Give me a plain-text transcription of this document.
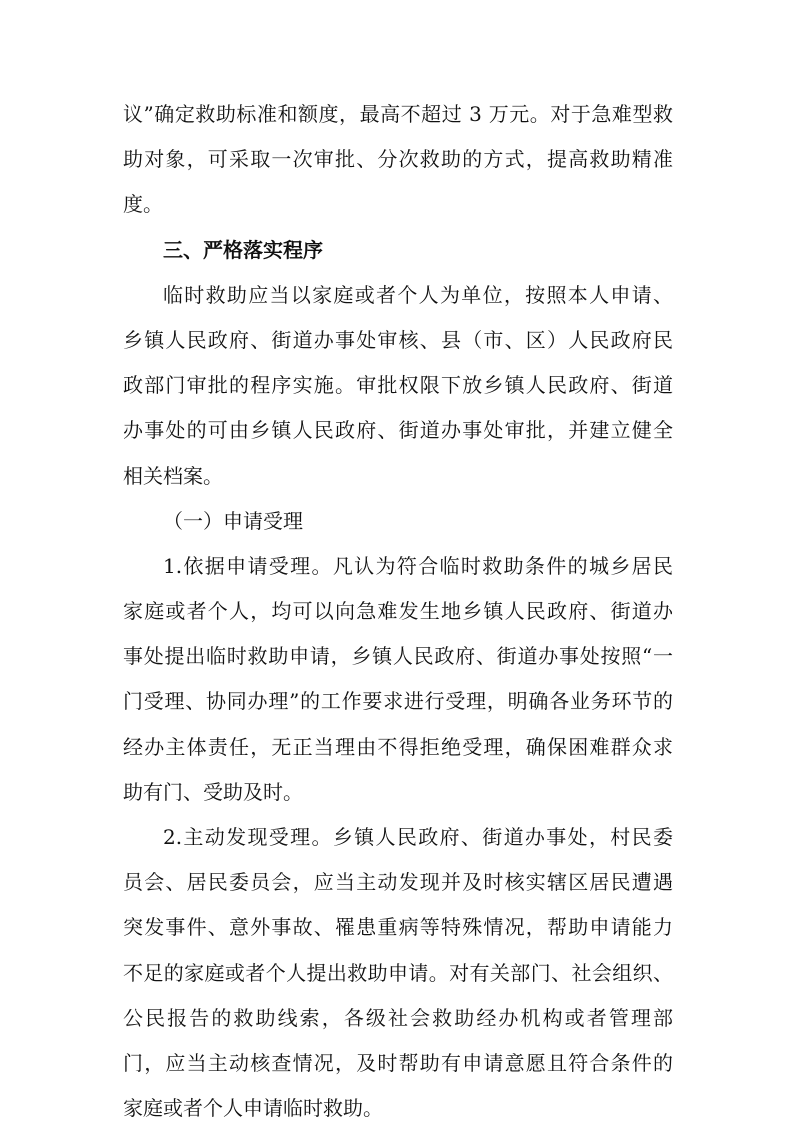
议”确定救助标准和额度，最高不超过 3 万元。对于急难型救
助对象，可采取一次审批、分次救助的方式，提高救助精准
度。
三、严格落实程序
临时救助应当以家庭或者个人为单位，按照本人申请、
乡镇人民政府、街道办事处审核、县（市、区）人民政府民
政部门审批的程序实施。审批权限下放乡镇人民政府、街道
办事处的可由乡镇人民政府、街道办事处审批，并建立健全
相关档案。
（一）申请受理
1.依据申请受理。凡认为符合临时救助条件的城乡居民
家庭或者个人，均可以向急难发生地乡镇人民政府、街道办
事处提出临时救助申请，乡镇人民政府、街道办事处按照“一
门受理、协同办理”的工作要求进行受理，明确各业务环节的
经办主体责任，无正当理由不得拒绝受理，确保困难群众求
助有门、受助及时。
2.主动发现受理。乡镇人民政府、街道办事处，村民委
员会、居民委员会，应当主动发现并及时核实辖区居民遭遇
突发事件、意外事故、罹患重病等特殊情况，帮助申请能力
不足的家庭或者个人提出救助申请。对有关部门、社会组织、
公民报告的救助线索，各级社会救助经办机构或者管理部
门，应当主动核查情况，及时帮助有申请意愿且符合条件的
家庭或者个人申请临时救助。
